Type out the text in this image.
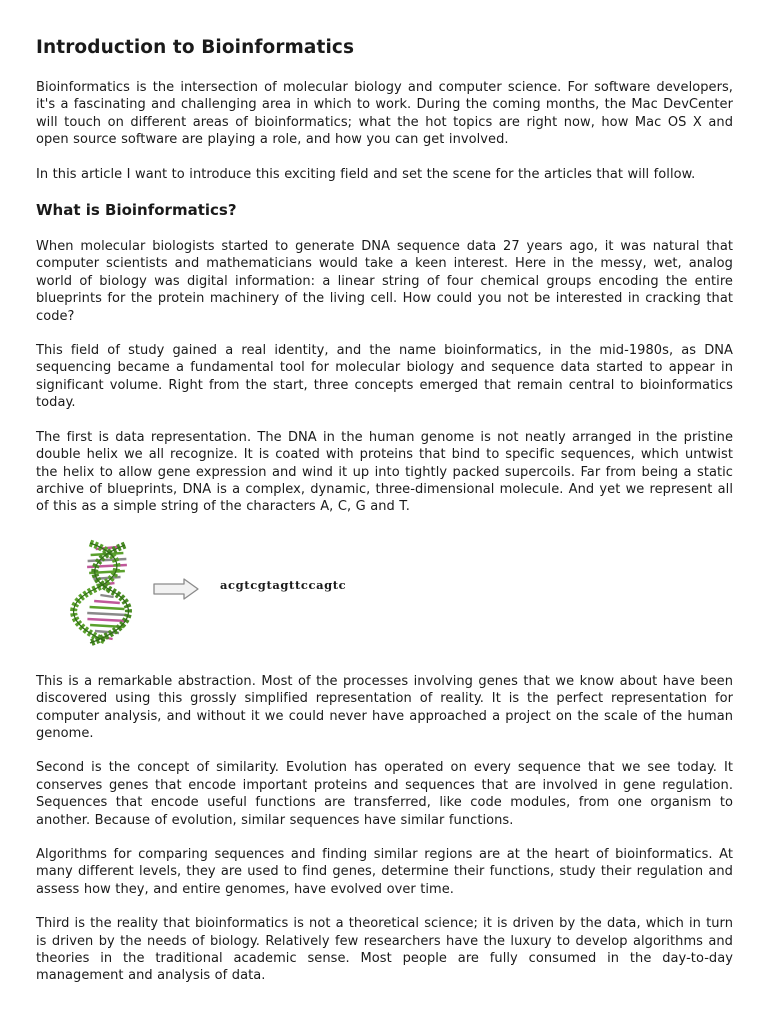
Introduction to Bioinformatics

Bioinformatics is the intersection of molecular biology and computer science. For software developers, it's a fascinating and challenging area in which to work. During the coming months, the Mac DevCenter will touch on different areas of bioinformatics; what the hot topics are right now, how Mac OS X and open source software are playing a role, and how you can get involved.

In this article I want to introduce this exciting field and set the scene for the articles that will follow.

What is Bioinformatics?

When molecular biologists started to generate DNA sequence data 27 years ago, it was natural that computer scientists and mathematicians would take a keen interest. Here in the messy, wet, analog world of biology was digital information: a linear string of four chemical groups encoding the entire blueprints for the protein machinery of the living cell. How could you not be interested in cracking that code?

This field of study gained a real identity, and the name bioinformatics, in the mid-1980s, as DNA sequencing became a fundamental tool for molecular biology and sequence data started to appear in significant volume. Right from the start, three concepts emerged that remain central to bioinformatics today.

The first is data representation. The DNA in the human genome is not neatly arranged in the pristine double helix we all recognize. It is coated with proteins that bind to specific sequences, which untwist the helix to allow gene expression and wind it up into tightly packed supercoils. Far from being a static archive of blueprints, DNA is a complex, dynamic, three-dimensional molecule. And yet we represent all of this as a simple string of the characters A, C, G and T.

acgtcgtagttccagtc

This is a remarkable abstraction. Most of the processes involving genes that we know about have been discovered using this grossly simplified representation of reality. It is the perfect representation for computer analysis, and without it we could never have approached a project on the scale of the human genome.

Second is the concept of similarity. Evolution has operated on every sequence that we see today. It conserves genes that encode important proteins and sequences that are involved in gene regulation. Sequences that encode useful functions are transferred, like code modules, from one organism to another. Because of evolution, similar sequences have similar functions.

Algorithms for comparing sequences and finding similar regions are at the heart of bioinformatics. At many different levels, they are used to find genes, determine their functions, study their regulation and assess how they, and entire genomes, have evolved over time.

Third is the reality that bioinformatics is not a theoretical science; it is driven by the data, which in turn is driven by the needs of biology. Relatively few researchers have the luxury to develop algorithms and theories in the traditional academic sense. Most people are fully consumed in the day-to-day management and analysis of data.
